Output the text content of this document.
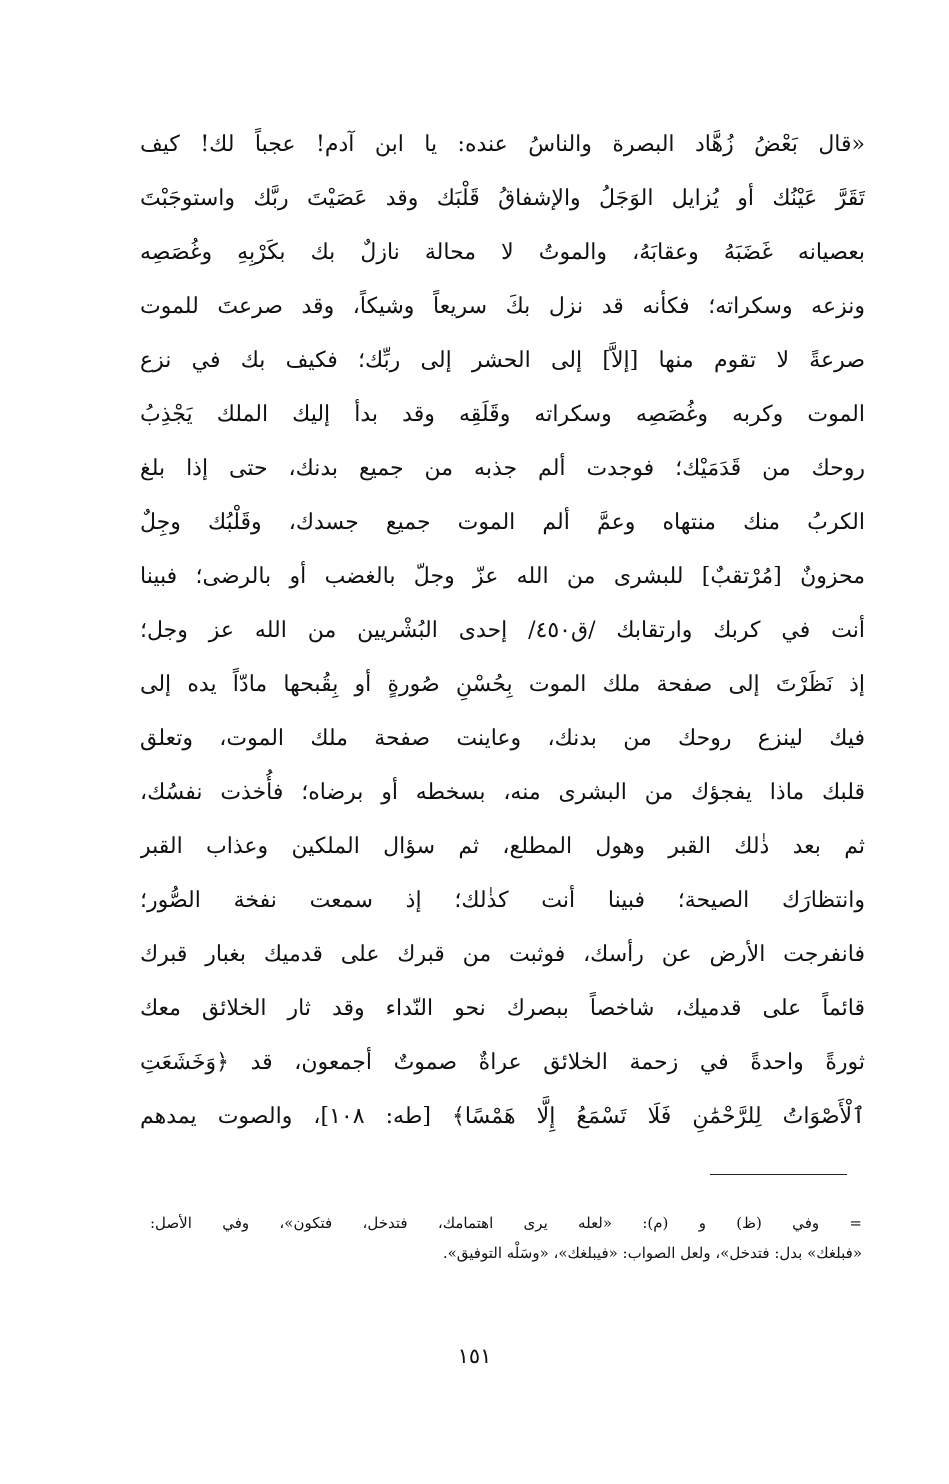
«قال بَعْضُ زُهَّاد البصرة والناسُ عنده: يا ابن آدم! عجباً لك! كيف
تَقَرَّ عَيْنُك أو يُزايل الوَجَلُ والإشفاقُ قَلْبَك وقد عَصَيْتَ ربَّك واستوجَبْتَ
بعصيانه غَضَبَهُ وعقابَهُ، والموتُ لا محالة نازلٌ بك بكَرْبِهِ وغُصَصِه
ونزعه وسكراته؛ فكأنه قد نزل بكَ سريعاً وشيكاً، وقد صرعتَ للموت
صرعةً لا تقوم منها [إلاَّ] إلى الحشر إلى ربِّك؛ فكيف بك في نزع
الموت وكربه وغُصَصِه وسكراته وقَلَقِه وقد بدأ إليك الملك يَجْذِبُ
روحك من قَدَمَيْك؛ فوجدت ألم جذبه من جميع بدنك، حتى إذا بلغ
الكربُ منك منتهاه وعمَّ ألم الموت جميع جسدك، وقَلْبُك وجِلٌ
محزونٌ [مُرْتقبٌ] للبشرى من الله عزّ وجلّ بالغضب أو بالرضى؛ فبينا
أنت في كربك وارتقابك /ق٤٥٠/ إحدى البُشْريين من الله عز وجل؛
إذ نَظَرْتَ إلى صفحة ملك الموت بِحُسْنِ صُورةٍ أو بِقُبحها مادّاً يده إلى
فيك لينزع روحك من بدنك، وعاينت صفحة ملك الموت، وتعلق
قلبك ماذا يفجؤك من البشرى منه، بسخطه أو برضاه؛ فأُخذت نفسُك،
ثم بعد ذٰلك القبر وهول المطلع، ثم سؤال الملكين وعذاب القبر
وانتظارَك الصيحة؛ فبينا أنت كذٰلك؛ إذ سمعت نفخة الصُّور؛
فانفرجت الأرض عن رأسك، فوثبت من قبرك على قدميك بغبار قبرك
قائماً على قدميك، شاخصاً ببصرك نحو النّداء وقد ثار الخلائق معك
ثورةً واحدةً في زحمة الخلائق عراةٌ صموتٌ أجمعون، قد ﴿وَخَشَعَتِ
ٱلْأَصْوَاتُ لِلرَّحْمَٰنِ فَلَا تَسْمَعُ إِلَّا هَمْسًا﴾ [طه: ١٠٨]، والصوت يمدهم
= وفي (ظ) و (م): «لعله يرى اهتمامك، فتدخل، فتكون»، وفي الأصل:
«فبلغك» بدل: فتدخل»، ولعل الصواب: «فيبلغك»، «وسَلْه التوفيق».
١٥١
